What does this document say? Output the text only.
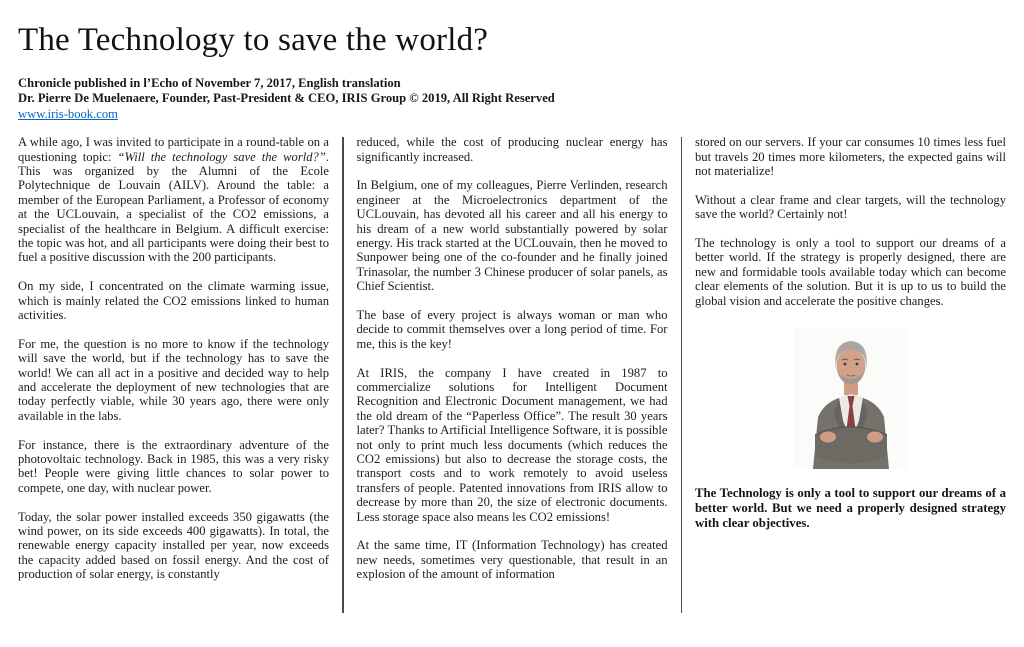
The Technology to save the world?
Chronicle published in l’Echo of November 7, 2017, English translation
Dr. Pierre De Muelenaere, Founder, Past-President & CEO, IRIS Group © 2019, All Right Reserved
www.iris-book.com

A while ago, I was invited to participate in a round-table on a questioning topic: “Will the technology save the world?”. This was organized by the Alumni of the Ecole Polytechnique de Louvain (AILV). Around the table: a member of the European Parliament, a Professor of economy at the UCLouvain, a specialist of the CO2 emissions, a specialist of the healthcare in Belgium. A difficult exercise: the topic was hot, and all participants were doing their best to fuel a positive discussion with the 200 participants.

On my side, I concentrated on the climate warming issue, which is mainly related the CO2 emissions linked to human activities.

For me, the question is no more to know if the technology will save the world, but if the technology has to save the world! We can all act in a positive and decided way to help and accelerate the deployment of new technologies that are today perfectly viable, while 30 years ago, there were only available in the labs.

For instance, there is the extraordinary adventure of the photovoltaic technology. Back in 1985, this was a very risky bet! People were giving little chances to solar power to compete, one day, with nuclear power.

Today, the solar power installed exceeds 350 gigawatts (the wind power, on its side exceeds 400 gigawatts). In total, the renewable energy capacity installed per year, now exceeds the capacity added based on fossil energy. And the cost of production of solar energy, is constantly

reduced, while the cost of producing nuclear energy has significantly increased.

In Belgium, one of my colleagues, Pierre Verlinden, research engineer at the Microelectronics department of the UCLouvain, has devoted all his career and all his energy to his dream of a new world substantially powered by solar energy. His track started at the UCLouvain, then he moved to Sunpower being one of the co-founder and he finally joined Trinasolar, the number 3 Chinese producer of solar panels, as Chief Scientist.

The base of every project is always woman or man who decide to commit themselves over a long period of time. For me, this is the key!

At IRIS, the company I have created in 1987 to commercialize solutions for Intelligent Document Recognition and Electronic Document management, we had the old dream of the “Paperless Office”. The result 30 years later? Thanks to Artificial Intelligence Software, it is possible not only to print much less documents (which reduces the CO2 emissions) but also to decrease the storage costs, the transport costs and to work remotely to avoid useless transfers of people. Patented innovations from IRIS allow to decrease by more than 20, the size of electronic documents. Less storage space also means les CO2 emissions!

At the same time, IT (Information Technology) has created new needs, sometimes very questionable, that result in an explosion of the amount of information

stored on our servers. If your car consumes 10 times less fuel but travels 20 times more kilometers, the expected gains will not materialize!

Without a clear frame and clear targets, will the technology save the world? Certainly not!

The technology is only a tool to support our dreams of a better world. If the strategy is properly designed, there are new and formidable tools available today which can become clear elements of the solution. But it is up to us to build the global vision and accelerate the positive changes.

The Technology is only a tool to support our dreams of a better world. But we need a properly designed strategy with clear objectives.
